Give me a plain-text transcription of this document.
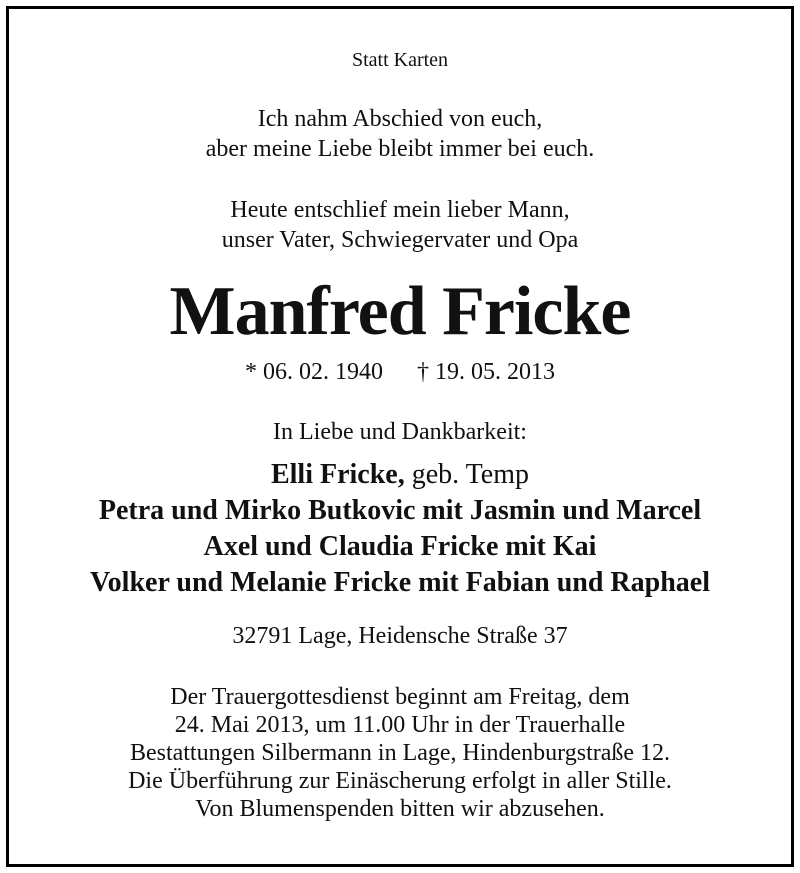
Statt Karten
Ich nahm Abschied von euch,
aber meine Liebe bleibt immer bei euch.
Heute entschlief mein lieber Mann,
unser Vater, Schwiegervater und Opa
Manfred Fricke
* 06. 02. 1940 † 19. 05. 2013
In Liebe und Dankbarkeit:
Elli Fricke, geb. Temp
Petra und Mirko Butkovic mit Jasmin und Marcel
Axel und Claudia Fricke mit Kai
Volker und Melanie Fricke mit Fabian und Raphael
32791 Lage, Heidensche Straße 37
Der Trauergottesdienst beginnt am Freitag, dem
24. Mai 2013, um 11.00 Uhr in der Trauerhalle
Bestattungen Silbermann in Lage, Hindenburgstraße 12.
Die Überführung zur Einäscherung erfolgt in aller Stille.
Von Blumenspenden bitten wir abzusehen.
